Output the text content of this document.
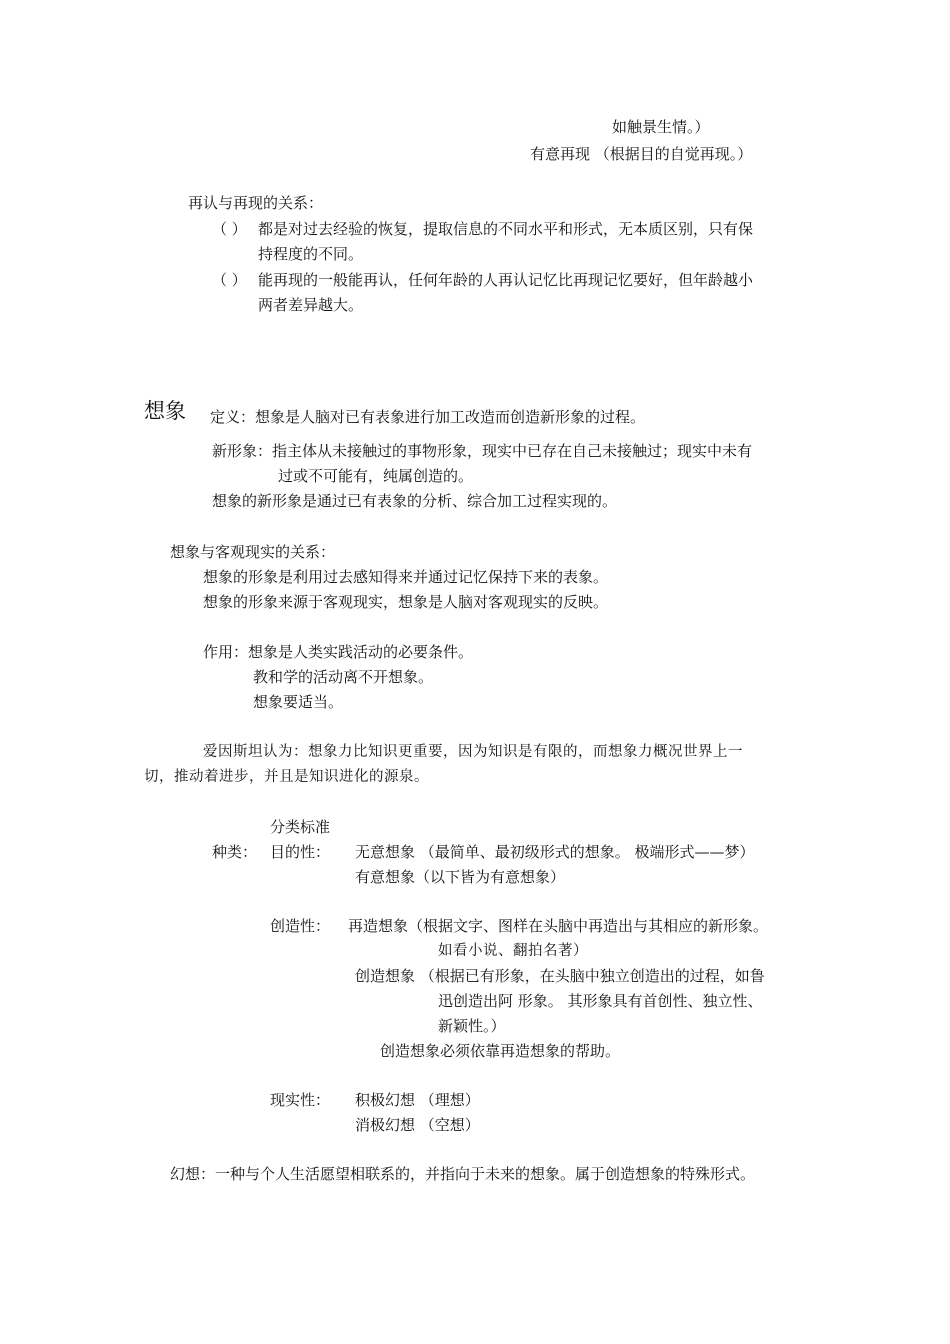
如触景生情。）
有意再现 （根据目的自觉再现。）
再认与再现的关系：
（ ） 都是对过去经验的恢复，提取信息的不同水平和形式，无本质区别，只有保
持程度的不同。
（ ） 能再现的一般能再认，任何年龄的人再认记忆比再现记忆要好，但年龄越小
两者差异越大。
想象 定义：想象是人脑对已有表象进行加工改造而创造新形象的过程。
新形象：指主体从未接触过的事物形象，现实中已存在自己未接触过；现实中未有
过或不可能有，纯属创造的。
想象的新形象是通过已有表象的分析、综合加工过程实现的。
想象与客观现实的关系：
想象的形象是利用过去感知得来并通过记忆保持下来的表象。
想象的形象来源于客观现实，想象是人脑对客观现实的反映。
作用：想象是人类实践活动的必要条件。
教和学的活动离不开想象。
想象要适当。
爱因斯坦认为：想象力比知识更重要，因为知识是有限的，而想象力概况世界上一
切，推动着进步，并且是知识进化的源泉。
分类标准
种类： 目的性： 无意想象 （最简单、最初级形式的想象。 极端形式——梦）
有意想象（以下皆为有意想象）
创造性： 再造想象（根据文字、图样在头脑中再造出与其相应的新形象。
如看小说、翻拍名著）
创造想象 （根据已有形象，在头脑中独立创造出的过程，如鲁
迅创造出阿 形象。 其形象具有首创性、独立性、
新颖性。）
创造想象必须依靠再造想象的帮助。
现实性： 积极幻想 （理想）
消极幻想 （空想）
幻想：一种与个人生活愿望相联系的，并指向于未来的想象。属于创造想象的特殊形式。
